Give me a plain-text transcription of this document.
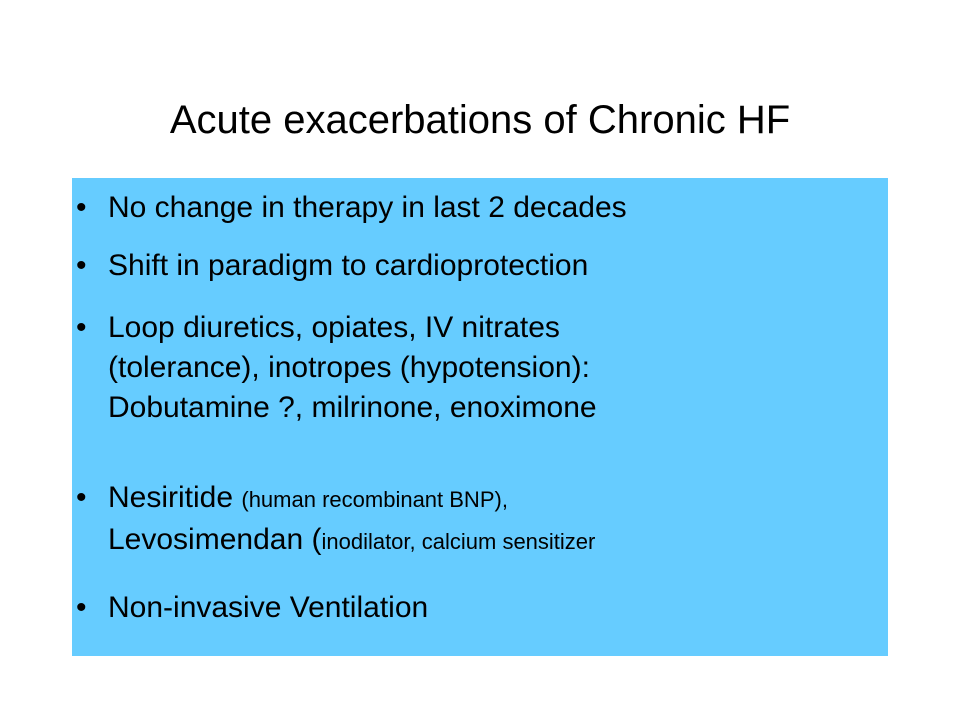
Acute exacerbations of Chronic HF
• No change in therapy in last 2 decades
• Shift in paradigm to cardioprotection
• Loop diuretics, opiates, IV nitrates
(tolerance), inotropes (hypotension):
Dobutamine ?, milrinone, enoximone
• Nesiritide (human recombinant BNP),
Levosimendan (inodilator, calcium sensitizer
• Non-invasive Ventilation
